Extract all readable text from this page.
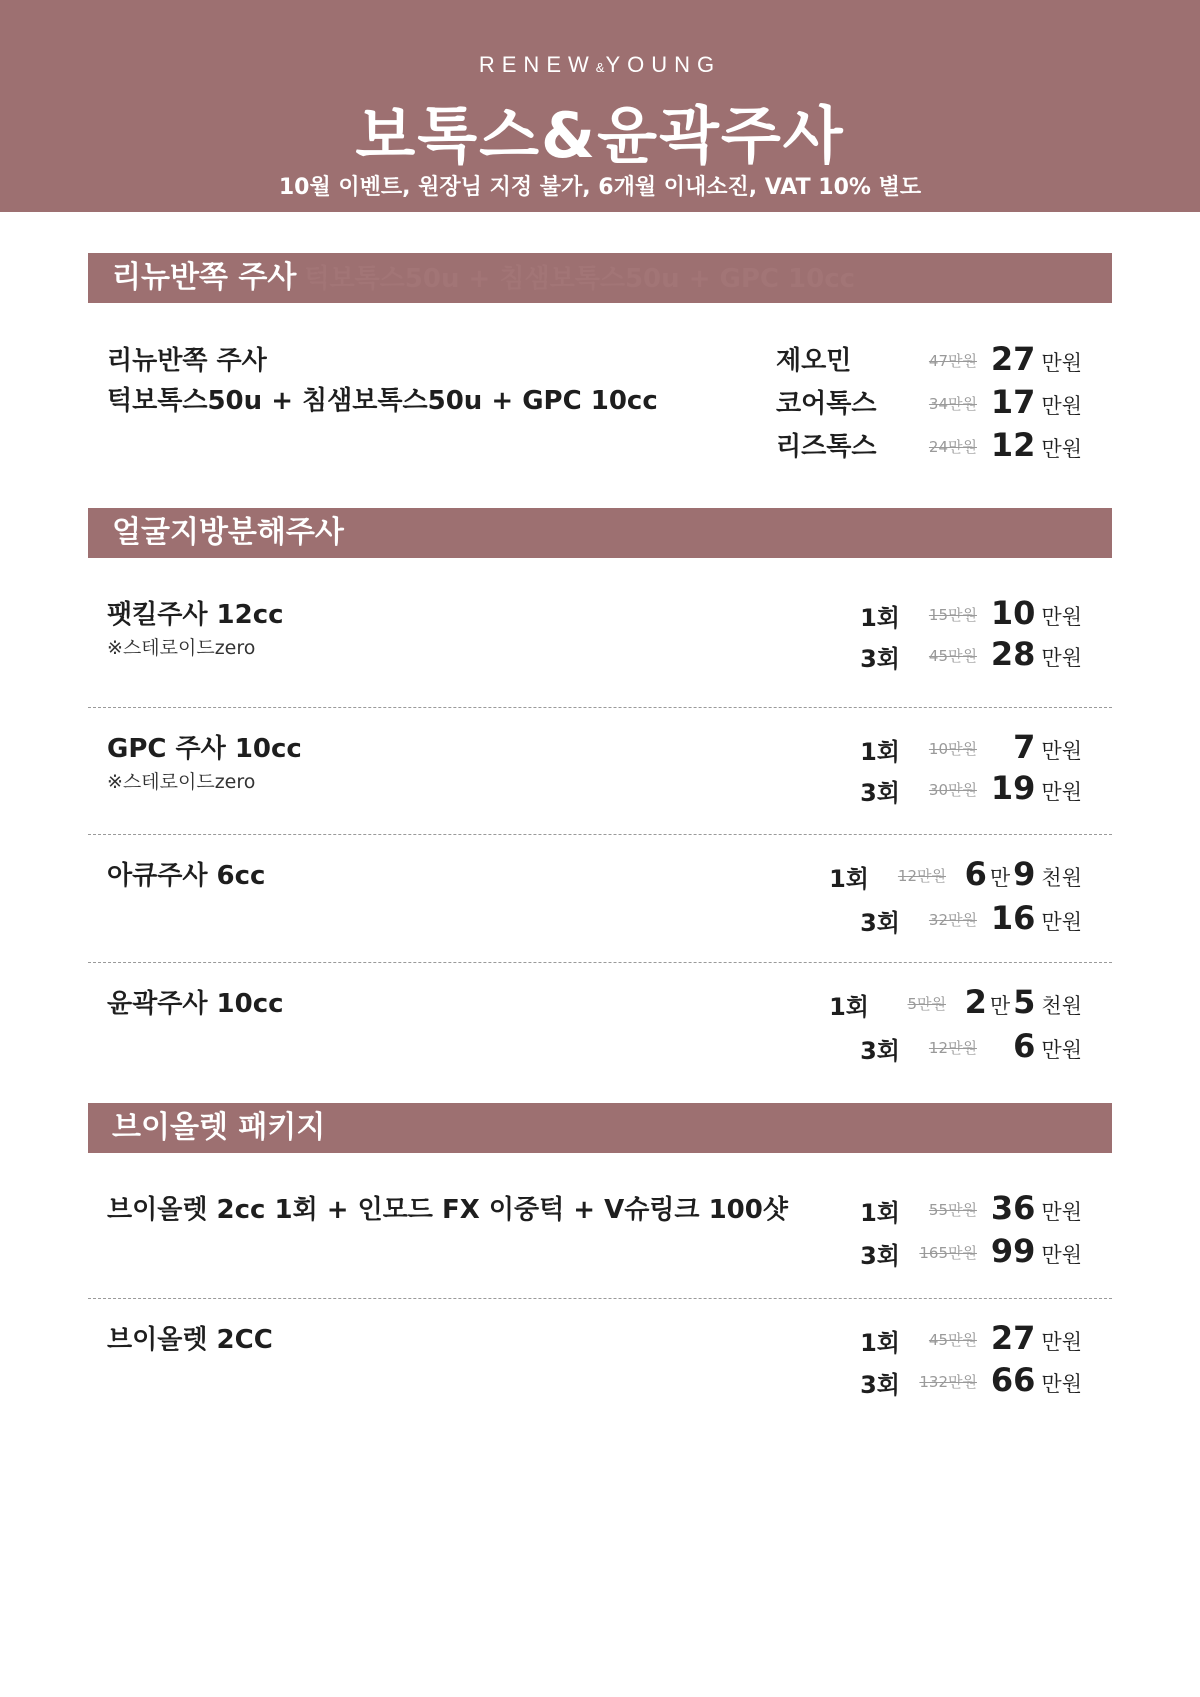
RENEW&YOUNG
보톡스&윤곽주사
10월 이벤트, 원장님 지정 불가, 6개월 이내소진, VAT 10% 별도
리뉴반쪽 주사 턱보톡스50u + 침샘보톡스50u + GPC 10cc
리뉴반쪽 주사
턱보톡스50u + 침샘보톡스50u + GPC 10cc
제오민	47만원 27 만원
코어톡스	34만원 17 만원
리즈톡스	24만원 12 만원
얼굴지방분해주사
팻킬주사 12cc
※스테로이드zero
1회	15만원 10 만원
3회	45만원 28 만원
GPC 주사 10cc
※스테로이드zero
1회	10만원 7 만원
3회	30만원 19 만원
아큐주사 6cc	1회	12만원 6 만9 천원
3회	32만원 16 만원
윤곽주사 10cc	1회	5만원 2 만5 천원
3회	12만원 6 만원
브이올렛 패키지
브이올렛 2cc 1회 + 인모드 FX 이중턱 + V슈링크 100샷	1회	55만원 36 만원
3회	165만원 99 만원
브이올렛 2CC	1회	45만원 27 만원
3회	132만원 66 만원
